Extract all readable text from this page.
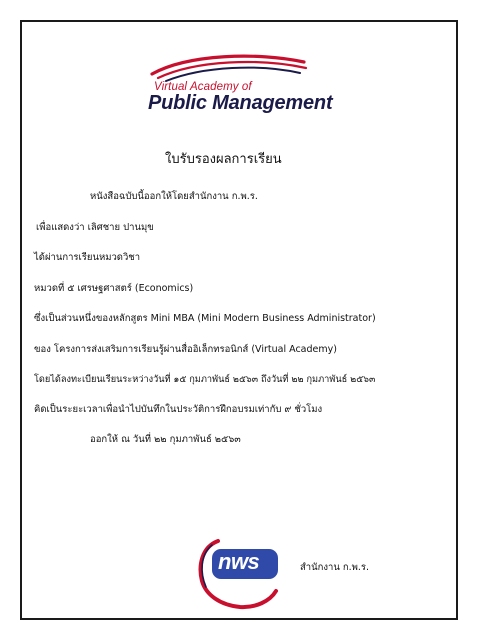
Virtual Academy of
Public Management
ใบรับรองผลการเรียน
หนังสือฉบับนี้ออกให้โดยสำนักงาน ก.พ.ร.
เพื่อแสดงว่า เลิศชาย ปานมุข
ได้ผ่านการเรียนหมวดวิชา
หมวดที่ ๕ เศรษฐศาสตร์ (Economics)
ซึ่งเป็นส่วนหนึ่งของหลักสูตร Mini MBA (Mini Modern Business Administrator)
ของ โครงการส่งเสริมการเรียนรู้ผ่านสื่ออิเล็กทรอนิกส์ (Virtual Academy)
โดยได้ลงทะเบียนเรียนระหว่างวันที่ ๑๕ กุมภาพันธ์ ๒๕๖๓ ถึงวันที่ ๒๒ กุมภาพันธ์ ๒๕๖๓
คิดเป็นระยะเวลาเพื่อนำไปบันทึกในประวัติการฝึกอบรมเท่ากับ ๙ ชั่วโมง
ออกให้ ณ วันที่ ๒๒ กุมภาพันธ์ ๒๕๖๓
nws	สำนักงาน ก.พ.ร.
